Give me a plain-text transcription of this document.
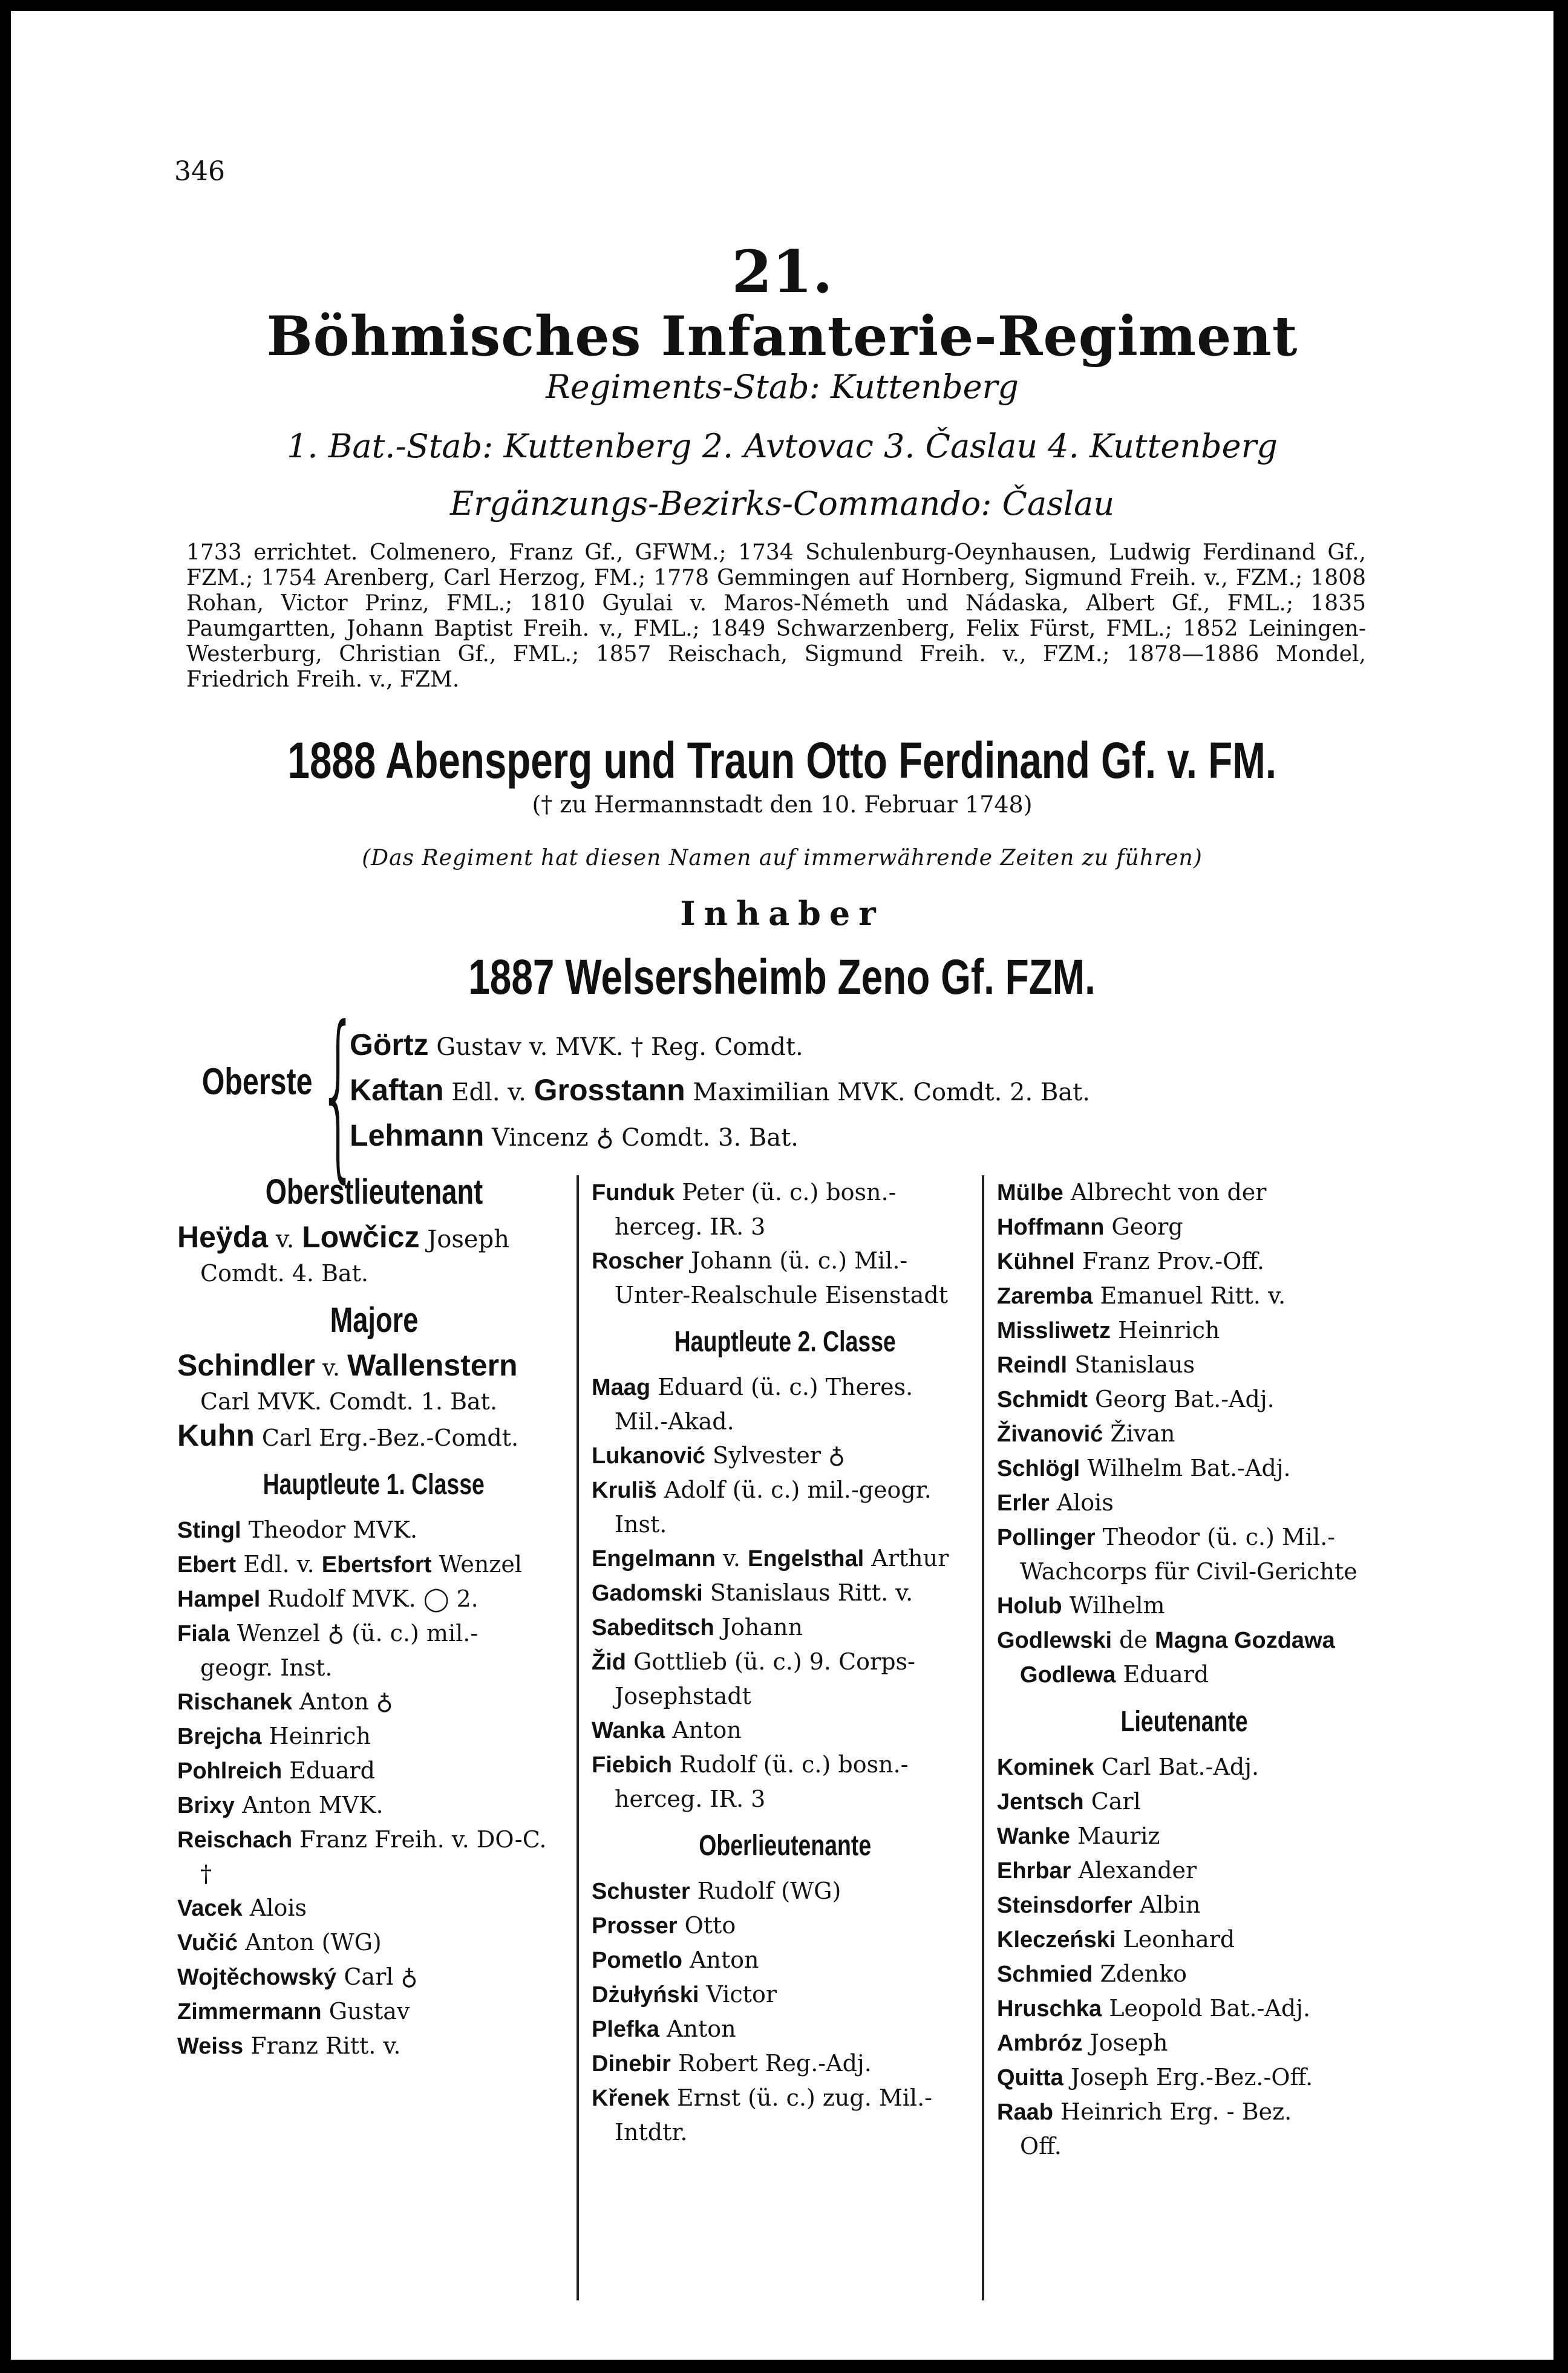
346
21.
Böhmisches Infanterie-Regiment
Regiments-Stab: Kuttenberg
1. Bat.-Stab: Kuttenberg 2. Avtovac 3. Časlau 4. Kuttenberg
Ergänzungs-Bezirks-Commando: Časlau
1733 errichtet. Colmenero, Franz Gf., GFWM.; 1734 Schulenburg-Oeynhausen, Ludwig Ferdinand Gf., FZM.; 1754 Arenberg, Carl Herzog, FM.; 1778 Gemmingen auf Hornberg, Sigmund Freih. v., FZM.; 1808 Rohan, Victor Prinz, FML.; 1810 Gyulai v. Maros-Németh und Nádaska, Albert Gf., FML.; 1835 Paumgartten, Johann Baptist Freih. v., FML.; 1849 Schwarzenberg, Felix Fürst, FML.; 1852 Leiningen-Westerburg, Christian Gf., FML.; 1857 Reischach, Sigmund Freih. v., FZM.; 1878—1886 Mondel, Friedrich Freih. v., FZM.
1888 Abensperg und Traun Otto Ferdinand Gf. v. FM.
(† zu Hermannstadt den 10. Februar 1748)
(Das Regiment hat diesen Namen auf immerwährende Zeiten zu führen)
Inhaber
1887 Welsersheimb Zeno Gf. FZM.
Oberste {
Görtz Gustav v. MVK. † Reg. Comdt.
Kaftan Edl. v. Grosstann Maximilian MVK. Comdt. 2. Bat.
Lehmann Vincenz ♁ Comdt. 3. Bat.
Oberstlieutenant
Heÿda v. Lowčicz Joseph
Comdt. 4. Bat.
Majore
Schindler v. Wallenstern
Carl MVK. Comdt. 1. Bat.
Kuhn Carl Erg.-Bez.-Comdt.
Hauptleute 1. Classe
Stingl Theodor MVK.
Ebert Edl. v. Ebertsfort Wenzel
Hampel Rudolf MVK. ◯ 2.
Fiala Wenzel ♁ (ü. c.) mil.-
geogr. Inst.
Rischanek Anton ♁
Brejcha Heinrich
Pohlreich Eduard
Brixy Anton MVK.
Reischach Franz Freih. v. DO-C.
†
Vacek Alois
Vučić Anton (WG)
Wojtěchowský Carl ♁
Zimmermann Gustav
Weiss Franz Ritt. v.
Funduk Peter (ü. c.) bosn.-
herceg. IR. 3
Roscher Johann (ü. c.) Mil.-
Unter-Realschule Eisenstadt
Hauptleute 2. Classe
Maag Eduard (ü. c.) Theres.
Mil.-Akad.
Lukanović Sylvester ♁
Kruliš Adolf (ü. c.) mil.-geogr.
Inst.
Engelmann v. Engelsthal Arthur
Gadomski Stanislaus Ritt. v.
Sabeditsch Johann
Žid Gottlieb (ü. c.) 9. Corps-
Josephstadt
Wanka Anton
Fiebich Rudolf (ü. c.) bosn.-
herceg. IR. 3
Oberlieutenante
Schuster Rudolf (WG)
Prosser Otto
Pometlo Anton
Dżułyński Victor
Plefka Anton
Dinebir Robert Reg.-Adj.
Křenek Ernst (ü. c.) zug. Mil.-
Intdtr.
Mülbe Albrecht von der
Hoffmann Georg
Kühnel Franz Prov.-Off.
Zaremba Emanuel Ritt. v.
Missliwetz Heinrich
Reindl Stanislaus
Schmidt Georg Bat.-Adj.
Živanović Živan
Schlögl Wilhelm Bat.-Adj.
Erler Alois
Pollinger Theodor (ü. c.) Mil.-
Wachcorps für Civil-Gerichte
Holub Wilhelm
Godlewski de Magna Gozdawa
Godlewa Eduard
Lieutenante
Kominek Carl Bat.-Adj.
Jentsch Carl
Wanke Mauriz
Ehrbar Alexander
Steinsdorfer Albin
Kleczeński Leonhard
Schmied Zdenko
Hruschka Leopold Bat.-Adj.
Ambróz Joseph
Quitta Joseph Erg.-Bez.-Off.
Raab Heinrich Erg. - Bez.
Off.
